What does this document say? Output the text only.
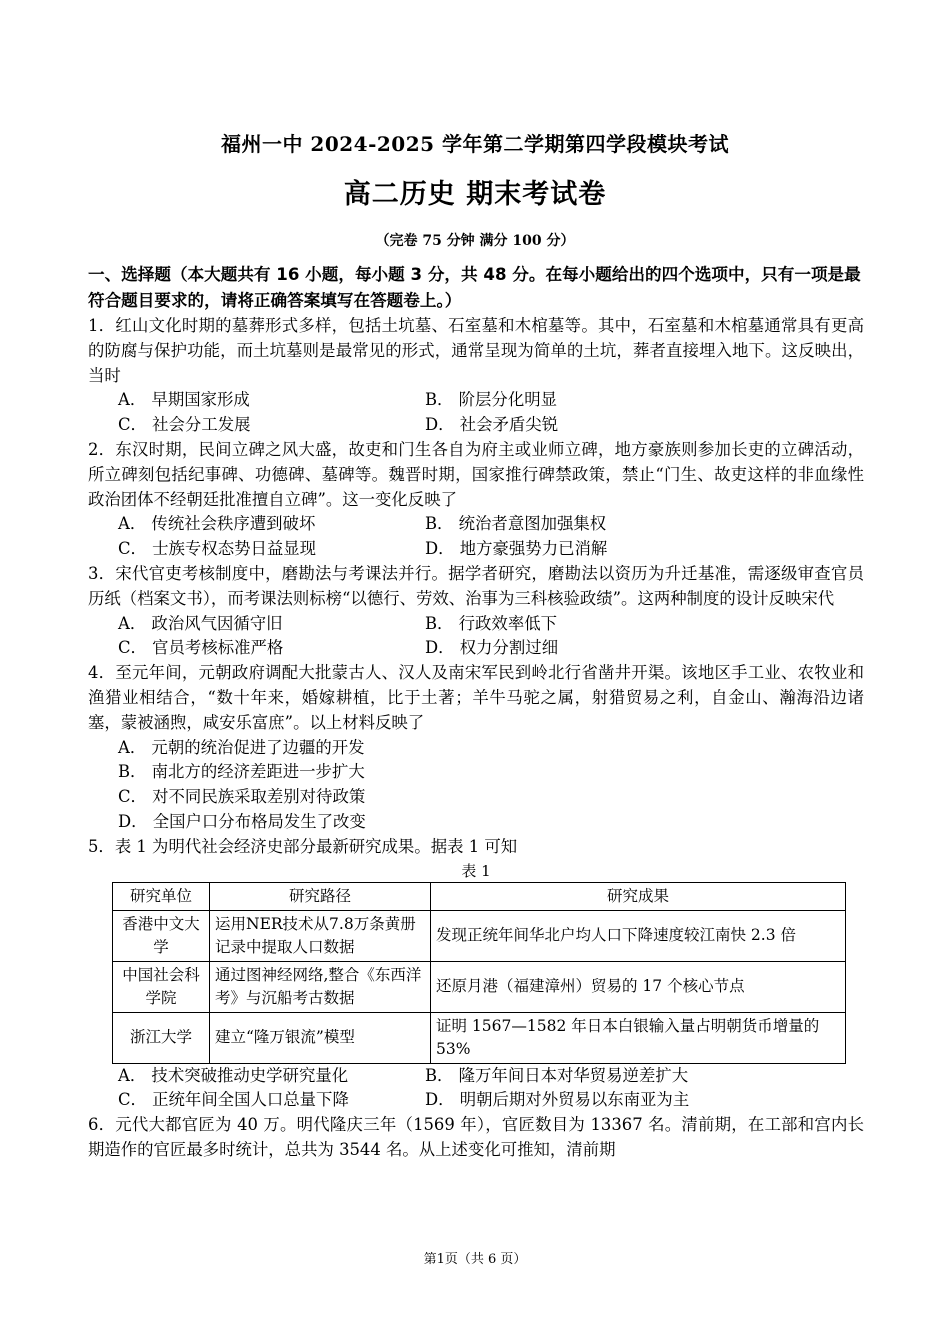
福州一中 2024-2025 学年第二学期第四学段模块考试
高二历史 期末考试卷
（完卷 75 分钟 满分 100 分）
一、选择题（本大题共有 16 小题，每小题 3 分，共 48 分。在每小题给出的四个选项中，只有一项是最符合题目要求的，请将正确答案填写在答题卷上。）
1．红山文化时期的墓葬形式多样，包括土坑墓、石室墓和木棺墓等。其中，石室墓和木棺墓通常具有更高的防腐与保护功能，而土坑墓则是最常见的形式，通常呈现为简单的土坑，葬者直接埋入地下。这反映出，当时
A． 早期国家形成	B． 阶层分化明显
C． 社会分工发展	D． 社会矛盾尖锐
2．东汉时期，民间立碑之风大盛，故吏和门生各自为府主或业师立碑，地方豪族则参加长吏的立碑活动，所立碑刻包括纪事碑、功德碑、墓碑等。魏晋时期，国家推行碑禁政策，禁止“门生、故吏这样的非血缘性政治团体不经朝廷批准擅自立碑”。这一变化反映了
A． 传统社会秩序遭到破坏	B． 统治者意图加强集权
C． 士族专权态势日益显现	D． 地方豪强势力已消解
3．宋代官吏考核制度中，磨勘法与考课法并行。据学者研究，磨勘法以资历为升迁基准，需逐级审查官员历纸（档案文书），而考课法则标榜“以德行、劳效、治事为三科核验政绩”。这两种制度的设计反映宋代
A． 政治风气因循守旧	B． 行政效率低下
C． 官员考核标准严格	D． 权力分割过细
4．至元年间，元朝政府调配大批蒙古人、汉人及南宋军民到岭北行省凿井开渠。该地区手工业、农牧业和渔猎业相结合，“数十年来，婚嫁耕植，比于土著；羊牛马驼之属，射猎贸易之利，自金山、瀚海沿边诸塞，蒙被涵煦，咸安乐富庶”。以上材料反映了
A． 元朝的统治促进了边疆的开发
B． 南北方的经济差距进一步扩大
C． 对不同民族采取差别对待政策
D． 全国户口分布格局发生了改变
5．表 1 为明代社会经济史部分最新研究成果。据表 1 可知
表 1
研究单位	研究路径	研究成果
香港中文大学	运用NER技术从7.8万条黄册记录中提取人口数据	发现正统年间华北户均人口下降速度较江南快 2.3 倍
中国社会科学院	通过图神经网络,整合《东西洋考》与沉船考古数据	还原月港（福建漳州）贸易的 17 个核心节点
浙江大学	建立“隆万银流”模型	证明 1567—1582 年日本白银输入量占明朝货币增量的 53%
A． 技术突破推动史学研究量化	B． 隆万年间日本对华贸易逆差扩大
C． 正统年间全国人口总量下降	D． 明朝后期对外贸易以东南亚为主
6．元代大都官匠为 40 万。明代隆庆三年（1569 年），官匠数目为 13367 名。清前期，在工部和宫内长期造作的官匠最多时统计，总共为 3544 名。从上述变化可推知，清前期
第1页（共 6 页）
